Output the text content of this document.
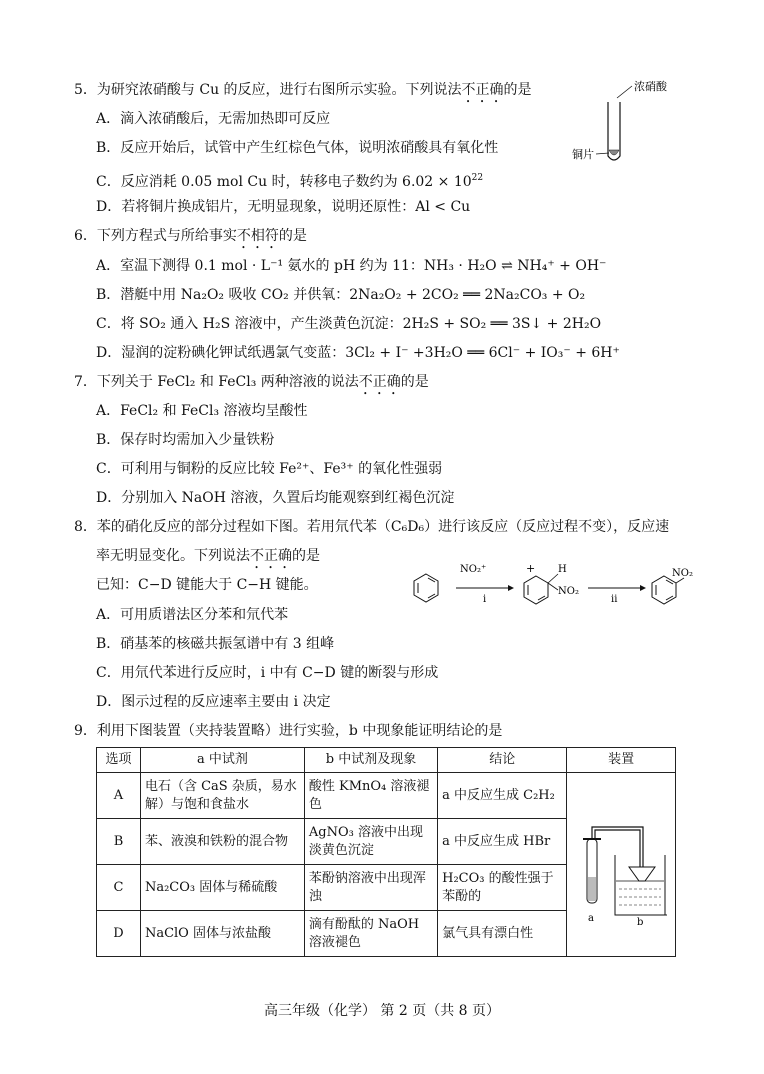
5．为研究浓硝酸与 Cu 的反应，进行右图所示实验。下列说法不正确的是
A．滴入浓硝酸后，无需加热即可反应
B．反应开始后，试管中产生红棕色气体，说明浓硝酸具有氧化性
C．反应消耗 0.05 mol Cu 时，转移电子数约为 $6.02 \times 10^{22}$
D．若将铜片换成铝片，无明显现象，说明还原性：Al < Cu
浓硝酸
铜片
6．下列方程式与所给事实不相符的是
A．室温下测得 0.1 mol · L⁻¹ 氨水的 pH 约为 11：NH₃ · H₂O ⇌ NH₄⁺ + OH⁻
B．潜艇中用 Na₂O₂ 吸收 CO₂ 并供氧：2Na₂O₂ + 2CO₂ ══ 2Na₂CO₃ + O₂
C．将 SO₂ 通入 H₂S 溶液中，产生淡黄色沉淀：2H₂S + SO₂ ══ 3S↓ + 2H₂O
D．湿润的淀粉碘化钾试纸遇氯气变蓝：3Cl₂ + I⁻ +3H₂O ══ 6Cl⁻ + IO₃⁻ + 6H⁺
7．下列关于 FeCl₂ 和 FeCl₃ 两种溶液的说法不正确的是
A．FeCl₂ 和 FeCl₃ 溶液均呈酸性
B．保存时均需加入少量铁粉
C．可利用与铜粉的反应比较 Fe²⁺、Fe³⁺ 的氧化性强弱
D．分别加入 NaOH 溶液，久置后均能观察到红褐色沉淀
8．苯的硝化反应的部分过程如下图。若用氘代苯（C₆D₆）进行该反应（反应过程不变），反应速
率无明显变化。下列说法不正确的是
已知：C−D 键能大于 C−H 键能。
A．可用质谱法区分苯和氘代苯
B．硝基苯的核磁共振氢谱中有 3 组峰
C．用氘代苯进行反应时，i 中有 C−D 键的断裂与形成
D．图示过程的反应速率主要由 i 决定
NO₂⁺
i
+ H
NO₂
ii
NO₂
9．利用下图装置（夹持装置略）进行实验，b 中现象能证明结论的是
选项	a 中试剂	b 中试剂及现象	结论	装置
A	电石（含 CaS 杂质，易水解）与饱和食盐水	酸性 KMnO₄ 溶液褪色	a 中反应生成 C₂H₂	a b

B	苯、液溴和铁粉的混合物	AgNO₃ 溶液中出现淡黄色沉淀	a 中反应生成 HBr	
C	Na₂CO₃ 固体与稀硫酸	苯酚钠溶液中出现浑浊	H₂CO₃ 的酸性强于苯酚的	
D	NaClO 固体与浓盐酸	滴有酚酞的 NaOH 溶液褪色	氯气具有漂白性	
高三年级（化学） 第 2 页（共 8 页）
